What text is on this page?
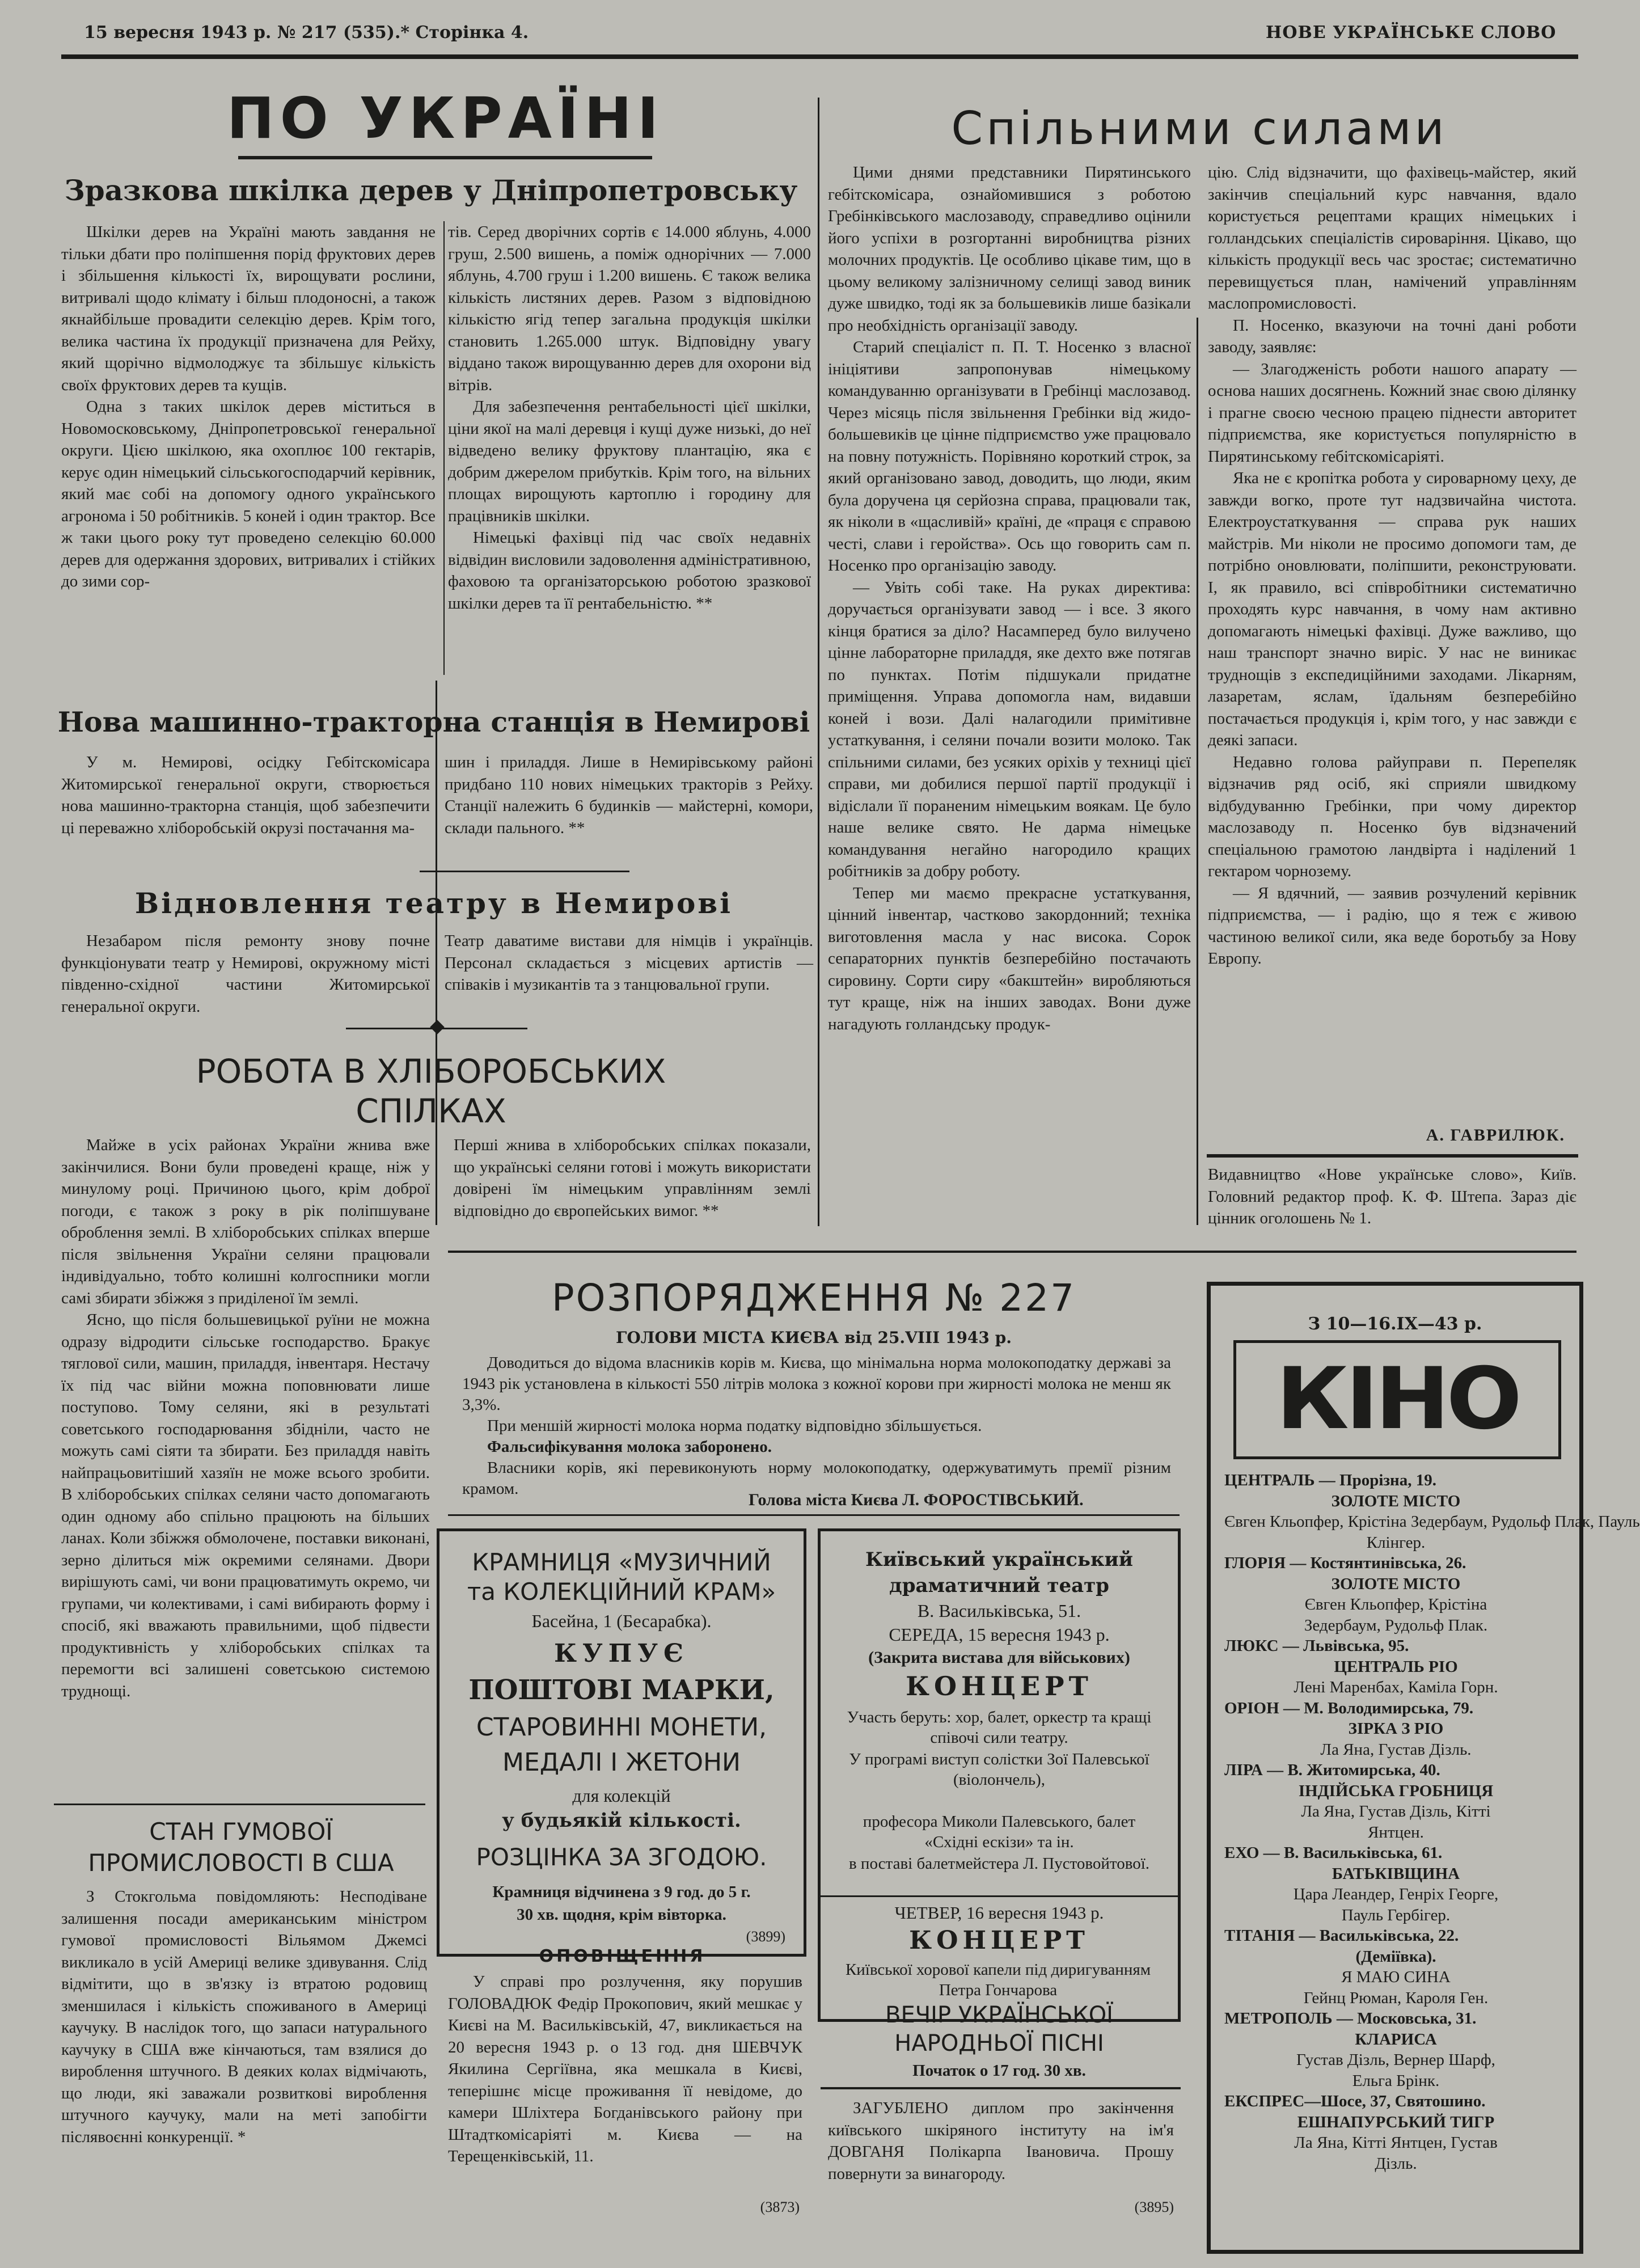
15 вересня 1943 р. № 217 (535).* Сторінка 4.	НОВЕ УКРАЇНСЬКЕ СЛОВО
ПО УКРАЇНІ
Зразкова шкілка дерев у Дніпропетровську

Шкілки дерев на Україні мають завдання не тільки дбати про поліпшення порід фруктових дерев і збільшення кількості їх, вирощувати рослини, витривалі щодо клімату і більш плодоносні, а також якнайбільше провадити селекцію дерев. Крім того, велика частина їх продукції призначена для Рейху, який щорічно відмолоджує та збільшує кількість своїх фруктових дерев та кущів.

Одна з таких шкілок дерев міститься в Новомосковському, Дніпропетровської генеральної округи. Цією шкілкою, яка охоплює 100 гектарів, керує один німецький сільськогосподарчий керівник, який має собі на допомогу одного українського агронома і 50 робітників. 5 коней і один трактор. Все ж таки цього року тут проведено селекцію 60.000 дерев для одержання здорових, витривалих і стійких до зими сор-

тів. Серед дворічних сортів є 14.000 яблунь, 4.000 груш, 2.500 вишень, а поміж однорічних — 7.000 яблунь, 4.700 груш і 1.200 вишень. Є також велика кількість листяних дерев. Разом з відповідною кількістю ягід тепер загальна продукція шкілки становить 1.265.000 штук. Відповідну увагу віддано також вирощуванню дерев для охорони від вітрів.

Для забезпечення рентабельності цієї шкілки, ціни якої на малі деревця і кущі дуже низькі, до неї відведено велику фруктову плантацію, яка є добрим джерелом прибутків. Крім того, на вільних площах вирощують картоплю і городину для працівників шкілки.

Німецькі фахівці під час своїх недавніх відвідин висловили задоволення адміністративною, фаховою та організаторською роботою зразкової шкілки дерев та її рентабельністю. **

Нова машинно-тракторна станція в Немирові

У м. Немирові, осідку Гебітскомісара Житомирської генеральної округи, створюється нова машинно-тракторна станція, щоб забезпечити ці переважно хліборобській окрузі постачання ма-

шин і приладдя. Лише в Немирівському районі придбано 110 нових німецьких тракторів з Рейху. Станції належить 6 будинків — майстерні, комори, склади пального. **

Відновлення театру в Немирові

Незабаром після ремонту знову почне функціонувати театр у Немирові, окружному місті південно-східної частини Житомирської генеральної округи.

Театр даватиме вистави для німців і українців. Персонал складається з місцевих артистів — співаків і музикантів та з танцювальної групи.

РОБОТА В ХЛІБОРОБСЬКИХ
СПІЛКАХ

Майже в усіх районах України жнива вже закінчилися. Вони були проведені краще, ніж у минулому році. Причиною цього, крім доброї погоди, є також з року в рік поліпшуване оброблення землі. В хліборобських спілках вперше після звільнення України селяни працювали індивідуально, тобто колишні колгоспники могли самі збирати збіжжя з приділеної їм землі.

Ясно, що після большевицької руїни не можна одразу відродити сільське господарство. Бракує тяглової сили, машин, приладдя, інвентаря. Нестачу їх під час війни можна поповнювати лише поступово. Тому селяни, які в результаті советського господарювання збідніли, часто не можуть самі сіяти та збирати. Без приладдя навіть найпрацьовитіший хазяїн не може всього зробити. В хліборобських спілках селяни часто допомагають один одному або спільно працюють на більших ланах. Коли збіжжя обмолочене, поставки виконані, зерно ділиться між окремими селянами. Двори вирішують самі, чи вони працюватимуть окремо, чи групами, чи колективами, і самі вибирають форму і спосіб, які вважають правильними, щоб підвести продуктивність у хліборобських спілках та перемогти всі залишені советською системою труднощі.

Перші жнива в хліборобських спілках показали, що українські селяни готові і можуть використати довірені їм німецьким управлінням землі відповідно до європейських вимог. **

СТАН ГУМОВОЇ
ПРОМИСЛОВОСТІ В США

З Стокгольма повідомляють: Несподіване залишення посади американським міністром гумової промисловості Вільямом Джемсі викликало в усій Америці велике здивування. Слід відмітити, що в зв'язку із втратою родовищ зменшилася і кількість споживаного в Америці каучуку. В наслідок того, що запаси натурального каучуку в США вже кінчаються, там взялися до вироблення штучного. В деяких колах відмічають, що люди, які заважали розвиткові вироблення штучного каучуку, мали на меті запобігти післявоєнні конкуренції. *

Спільними силами

Цими днями представники Пирятинського гебітскомісара, ознайомившися з роботою Гребінківського маслозаводу, справедливо оцінили його успіхи в розгортанні виробництва різних молочних продуктів. Це особливо цікаве тим, що в цьому великому залізничному селищі завод виник дуже швидко, тоді як за большевиків лише базікали про необхідність організації заводу.

Старий спеціаліст п. П. Т. Носенко з власної ініціятиви запропонував німецькому командуванню організувати в Гребінці маслозавод. Через місяць після звільнення Гребінки від жидо-большевиків це цінне підприємство уже працювало на повну потужність. Порівняно короткий строк, за який організовано завод, доводить, що люди, яким була доручена ця серйозна справа, працювали так, як ніколи в «щасливій» країні, де «праця є справою честі, слави і геройства». Ось що говорить сам п. Носенко про організацію заводу.

— Увіть собі таке. На руках директива: доручається організувати завод — і все. З якого кінця братися за діло? Насамперед було вилучено цінне лабораторне приладдя, яке дехто вже потягав по пунктах. Потім підшукали придатне приміщення. Управа допомогла нам, видавши коней і вози. Далі налагодили примітивне устаткування, і селяни почали возити молоко. Так спільними силами, без усяких оріхів у техниці цієї справи, ми добилися першої партії продукції і відіслали її пораненим німецьким воякам. Це було наше велике свято. Не дарма німецьке командування негайно нагородило кращих робітників за добру роботу.

Тепер ми маємо прекрасне устаткування, цінний інвентар, частково закордонний; техніка виготовлення масла у нас висока. Сорок сепараторних пунктів безперебійно постачають сировину. Сорти сиру «бакштейн» виробляються тут краще, ніж на інших заводах. Вони дуже нагадують голландську продук-

цію. Слід відзначити, що фахівець-майстер, який закінчив спеціальний курс навчання, вдало користується рецептами кращих німецьких і голландських спеціалістів сироваріння. Цікаво, що кількість продукції весь час зростає; систематично перевищується план, намічений управлінням маслопромисловості.

П. Носенко, вказуючи на точні дані роботи заводу, заявляє:

— Злагодженість роботи нашого апарату — основа наших досягнень. Кожний знає свою ділянку і прагне своєю чесною працею піднести авторитет підприємства, яке користується популярністю в Пирятинському гебітскомісаріяті.

Яка не є кропітка робота у сироварному цеху, де завжди вогко, проте тут надзвичайна чистота. Електроустаткування — справа рук наших майстрів. Ми ніколи не просимо допомоги там, де потрібно оновлювати, поліпшити, реконструювати. І, як правило, всі співробітники систематично проходять курс навчання, в чому нам активно допомагають німецькі фахівці. Дуже важливо, що наш транспорт значно виріс. У нас не виникає труднощів з експедиційними заходами. Лікарням, лазаретам, яслам, їдальням безперебійно постачається продукція і, крім того, у нас завжди є деякі запаси.

Недавно голова райуправи п. Перепеляк відзначив ряд осіб, які сприяли швидкому відбудуванню Гребінки, при чому директор маслозаводу п. Носенко був відзначений спеціальною грамотою ландвірта і наділений 1 гектаром чорнозему.

— Я вдячний, — заявив розчулений керівник підприємства, — і радію, що я теж є живою частиною великої сили, яка веде боротьбу за Нову Европу.

А. ГАВРИЛЮК.

Видавництво «Нове українське слово», Київ. Головний редактор проф. К. Ф. Штепа. Зараз діє цінник оголошень № 1.

РОЗПОРЯДЖЕННЯ № 227
ГОЛОВИ МІСТА КИЄВА від 25.VIII 1943 р.

Доводиться до відома власників корів м. Києва, що мінімальна норма молокоподатку державі за 1943 рік установлена в кількості 550 літрів молока з кожної корови при жирності молока не менш як 3,3%.

При меншій жирності молока норма податку відповідно збільшується.

Фальсифікування молока заборонено.

Власники корів, які перевиконують норму молокоподатку, одержуватимуть премії різним крамом.

Голова міста Києва Л. ФОРОСТІВСЬКИЙ.
КРАМНИЦЯ «МУЗИЧНИЙ
та КОЛЕКЦІЙНИЙ КРАМ»
Басейна, 1 (Бесарабка).
КУПУЄ
ПОШТОВІ МАРКИ,
СТАРОВИННІ МОНЕТИ,
МЕДАЛІ І ЖЕТОНИ
для колекцій
у будьякій кількості.
РОЗЦІНКА ЗА ЗГОДОЮ.
Крамниця відчинена з 9 год. до 5 г.
30 хв. щодня, крім вівторка.
(3899)
ОПОВІЩЕННЯ

У справі про розлучення, яку порушив ГОЛОВАДЮК Федір Прокопович, який мешкає у Києві на М. Васильківській, 47, викликається на 20 вересня 1943 р. о 13 год. дня ШЕВЧУК Якилина Сергіївна, яка мешкала в Києві, теперішнє місце проживання її невідоме, до камери Шліхтера Богданівського району при Штадткомісаріяті м. Києва — на Терещенківській, 11.

(3873)
Київський український
драматичний театр
В. Васильківська, 51.
СЕРЕДА, 15 вересня 1943 р.
(Закрита вистава для військових)
КОНЦЕРТ
Участь беруть: хор, балет, оркестр та кращі співочі сили театру.
У програмі виступ солістки Зої Палевської (віолончель),
професора Миколи Палевського, балет «Східні ескізи» та ін.
в поставі балетмейстера Л. Пустовойтової.
ЧЕТВЕР, 16 вересня 1943 р.
КОНЦЕРТ
Київської хорової капели під диригуванням Петра Гончарова
ВЕЧІР УКРАЇНСЬКОЇ
НАРОДНЬОЇ ПІСНІ
Початок о 17 год. 30 хв.

ЗАГУБЛЕНО диплом про закінчення київського шкіряного інституту на ім'я ДОВГАНЯ Полікарпа Івановича. Прошу повернути за винагороду.

(3895)
З 10—16.IX—43 р.
КІНО
ЦЕНТРАЛЬ — Прорізна, 19.
ЗОЛОТЕ МІСТО
Євген Кльопфер, Крістіна Зедербаум, Рудольф Плак, Пауль
Клінгер.
ГЛОРІЯ — Костянтинівська, 26.
ЗОЛОТЕ МІСТО
Євген Кльопфер, Крістіна
Зедербаум, Рудольф Плак.
ЛЮКС — Львівська, 95.
ЦЕНТРАЛЬ РІО
Лені Маренбах, Каміла Горн.
ОРІОН — М. Володимирська, 79.
ЗІРКА З РІО
Ла Яна, Густав Дізль.
ЛІРА — В. Житомирська, 40.
ІНДІЙСЬКА ГРОБНИЦЯ
Ла Яна, Густав Дізль, Кітті
Янтцен.
ЕХО — В. Васильківська, 61.
БАТЬКІВЩИНА
Цара Леандер, Генріх Георге,
Пауль Гербігер.
ТІТАНІЯ — Васильківська, 22.
(Деміївка).
Я МАЮ СИНА
Гейнц Рюман, Кароля Ген.
МЕТРОПОЛЬ — Московська, 31.
КЛАРИСА
Густав Дізль, Вернер Шарф,
Ельга Брінк.
ЕКСПРЕС—Шосе, 37, Святошино.
ЕШНАПУРСЬКИЙ ТИГР
Ла Яна, Кітті Янтцен, Густав
Дізль.
